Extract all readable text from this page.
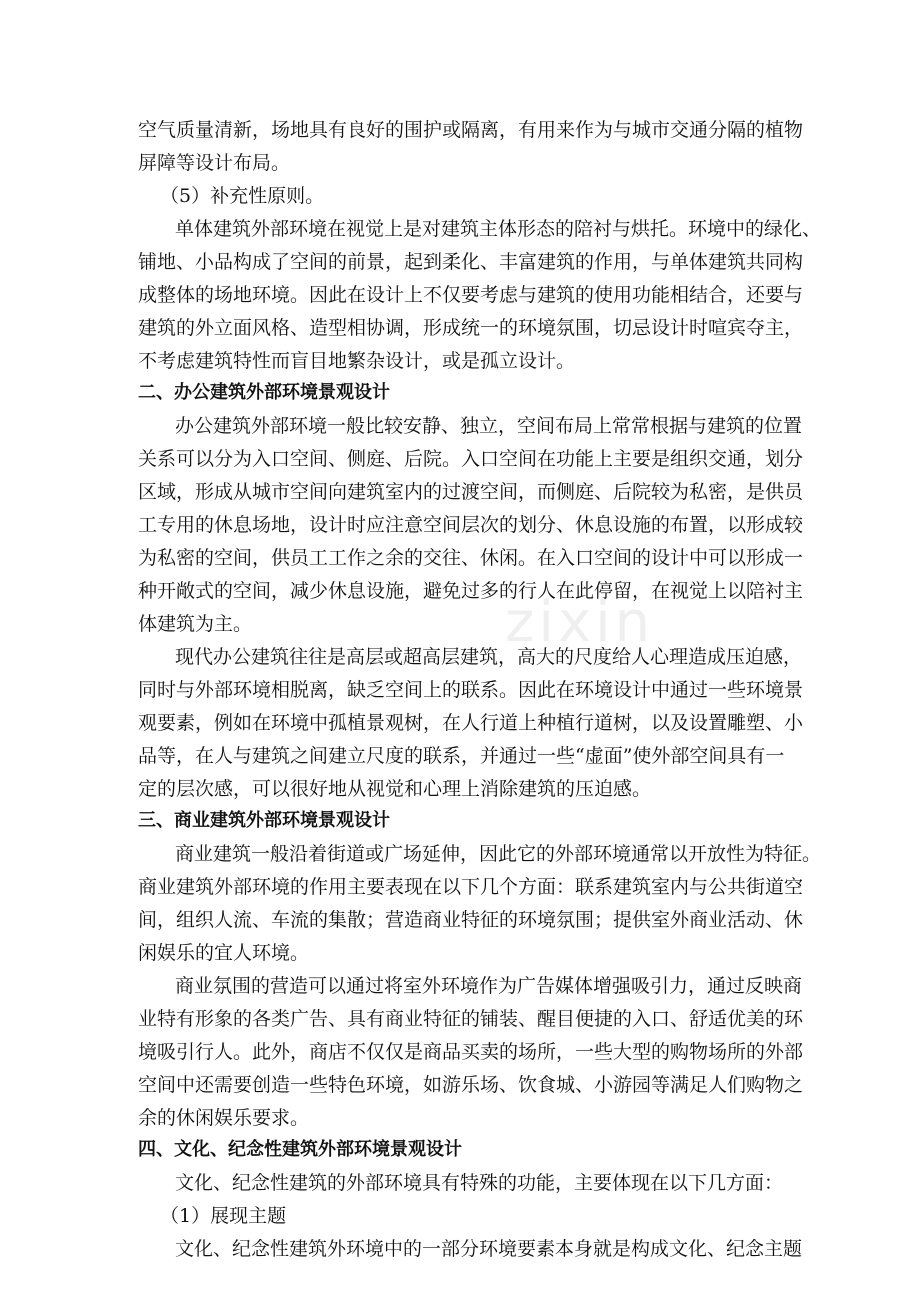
zixin
空气质量清新，场地具有良好的围护或隔离，有用来作为与城市交通分隔的植物
屏障等设计布局。
（5）补充性原则。
单体建筑外部环境在视觉上是对建筑主体形态的陪衬与烘托。环境中的绿化、
铺地、小品构成了空间的前景，起到柔化、丰富建筑的作用，与单体建筑共同构
成整体的场地环境。因此在设计上不仅要考虑与建筑的使用功能相结合，还要与
建筑的外立面风格、造型相协调，形成统一的环境氛围，切忌设计时喧宾夺主，
不考虑建筑特性而盲目地繁杂设计，或是孤立设计。
二、办公建筑外部环境景观设计
办公建筑外部环境一般比较安静、独立，空间布局上常常根据与建筑的位置
关系可以分为入口空间、侧庭、后院。入口空间在功能上主要是组织交通，划分
区域，形成从城市空间向建筑室内的过渡空间，而侧庭、后院较为私密，是供员
工专用的休息场地，设计时应注意空间层次的划分、休息设施的布置，以形成较
为私密的空间，供员工工作之余的交往、休闲。在入口空间的设计中可以形成一
种开敞式的空间，减少休息设施，避免过多的行人在此停留，在视觉上以陪衬主
体建筑为主。
现代办公建筑往往是高层或超高层建筑，高大的尺度给人心理造成压迫感，
同时与外部环境相脱离，缺乏空间上的联系。因此在环境设计中通过一些环境景
观要素，例如在环境中孤植景观树，在人行道上种植行道树，以及设置雕塑、小
品等，在人与建筑之间建立尺度的联系，并通过一些“虚面”使外部空间具有一
定的层次感，可以很好地从视觉和心理上消除建筑的压迫感。
三、商业建筑外部环境景观设计
商业建筑一般沿着街道或广场延伸，因此它的外部环境通常以开放性为特征。
商业建筑外部环境的作用主要表现在以下几个方面：联系建筑室内与公共街道空
间，组织人流、车流的集散；营造商业特征的环境氛围；提供室外商业活动、休
闲娱乐的宜人环境。
商业氛围的营造可以通过将室外环境作为广告媒体增强吸引力，通过反映商
业特有形象的各类广告、具有商业特征的铺装、醒目便捷的入口、舒适优美的环
境吸引行人。此外，商店不仅仅是商品买卖的场所，一些大型的购物场所的外部
空间中还需要创造一些特色环境，如游乐场、饮食城、小游园等满足人们购物之
余的休闲娱乐要求。
四、文化、纪念性建筑外部环境景观设计
文化、纪念性建筑的外部环境具有特殊的功能，主要体现在以下几方面：
（1）展现主题
文化、纪念性建筑外环境中的一部分环境要素本身就是构成文化、纪念主题
